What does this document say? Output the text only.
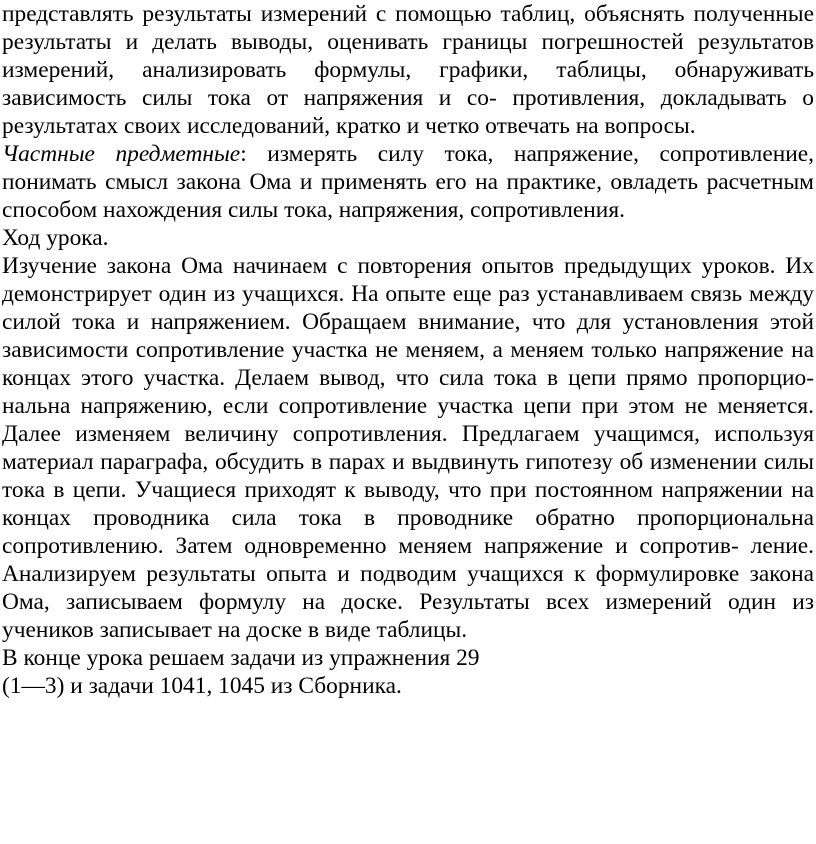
представлять результаты измерений с помощью таблиц, объяснять полученные результаты и делать выводы, оценивать границы погрешностей результатов измерений, анализировать формулы, графики, таблицы, обнаруживать зависимость силы тока от напряжения и со- противления, докладывать о результатах своих исследований, кратко и четко отвечать на вопросы.

Частные предметные: измерять силу тока, напряжение, сопротивление, понимать смысл закона Ома и применять его на практике, овладеть расчетным способом нахождения силы тока, напряжения, сопротивления.

Ход урока.

Изучение закона Ома начинаем с повторения опытов предыдущих уроков. Их демонстрирует один из учащихся. На опыте еще раз устанавливаем связь между силой тока и напряжением. Обращаем внимание, что для установления этой зависимости сопротивление участка не меняем, а меняем только напряжение на концах этого участка. Делаем вывод, что сила тока в цепи прямо пропорцио- нальна напряжению, если сопротивление участка цепи при этом не меняется. Далее изменяем величину сопротивления. Предлагаем учащимся, используя материал параграфа, обсудить в парах и выдвинуть гипотезу об изменении силы тока в цепи. Учащиеся приходят к выводу, что при постоянном напряжении на концах проводника сила тока в проводнике обратно пропорциональна сопротивлению. Затем одновременно меняем напряжение и сопротив- ление. Анализируем результаты опыта и подводим учащихся к формулировке закона Ома, записываем формулу на доске. Результаты всех измерений один из учеников записывает на доске в виде таблицы.

В конце урока решаем задачи из упражнения 29

(1—3) и задачи 1041, 1045 из Сборника.
